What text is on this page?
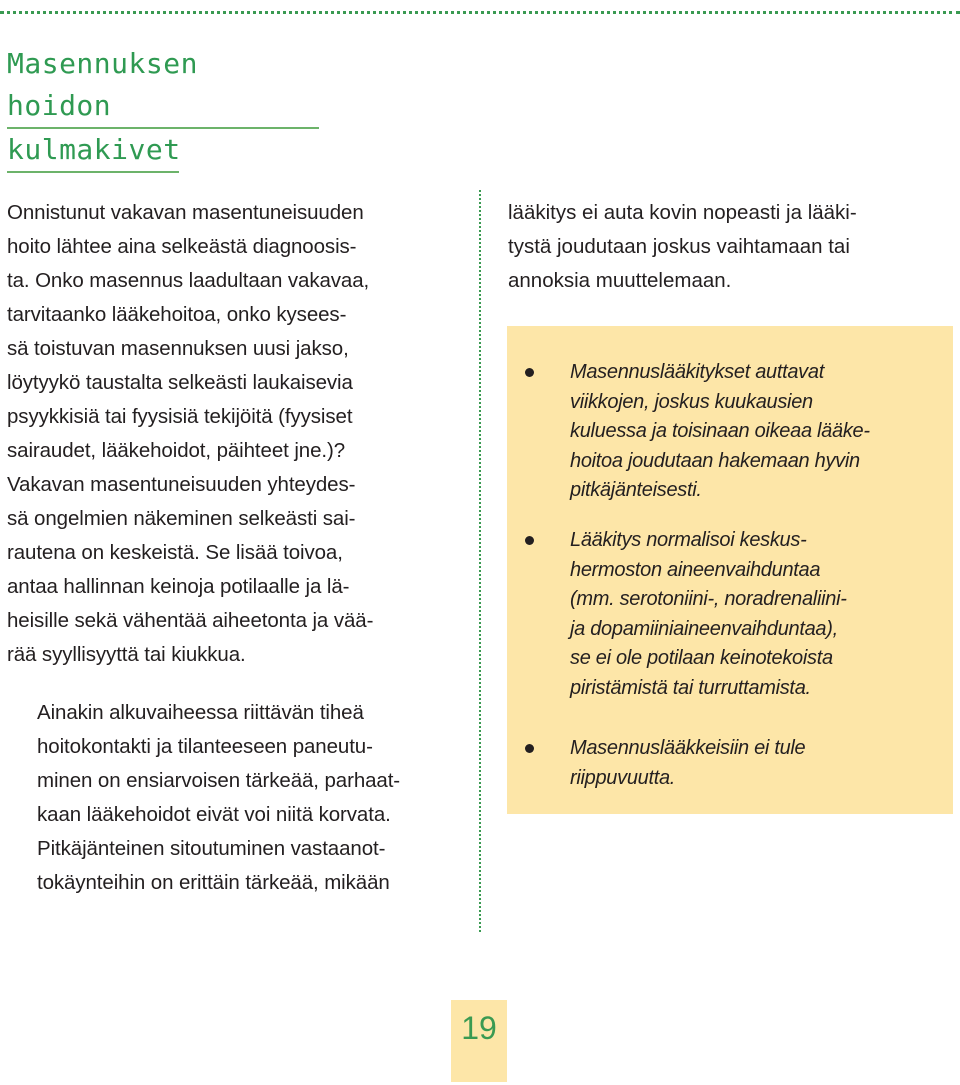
Masennuksen hoidon
kulmakivet

Onnistunut vakavan masentuneisuuden
hoito lähtee aina selkeästä diagnoosis-
ta. Onko masennus laadultaan vakavaa,
tarvitaanko lääkehoitoa, onko kysees-
sä toistuvan masennuksen uusi jakso,
löytyykö taustalta selkeästi laukaisevia
psyykkisiä tai fyysisiä tekijöitä (fyysiset
sairaudet, lääkehoidot, päihteet jne.)?
Vakavan masentuneisuuden yhteydes-
sä ongelmien näkeminen selkeästi sai-
rautena on keskeistä. Se lisää toivoa,
antaa hallinnan keinoja potilaalle ja lä-
heisille sekä vähentää aiheetonta ja vää-
rää syyllisyyttä tai kiukkua.

Ainakin alkuvaiheessa riittävän tiheä
hoitokontakti ja tilanteeseen paneutu-
minen on ensiarvoisen tärkeää, parhaat-
kaan lääkehoidot eivät voi niitä korvata.
Pitkäjänteinen sitoutuminen vastaanot-
tokäynteihin on erittäin tärkeää, mikään

lääkitys ei auta kovin nopeasti ja lääki-
tystä joudutaan joskus vaihtamaan tai
annoksia muuttelemaan.

Masennuslääkitykset auttavat
viikkojen, joskus kuukausien
kuluessa ja toisinaan oikeaa lääke-
hoitoa joudutaan hakemaan hyvin
pitkäjänteisesti.
Lääkitys normalisoi keskus-
hermoston aineenvaihduntaa
(mm. serotoniini-, noradrenaliini-
ja dopamiiniaineenvaihduntaa),
se ei ole potilaan keinotekoista
piristämistä tai turruttamista.
Masennuslääkkeisiin ei tule
riippuvuutta.
19
